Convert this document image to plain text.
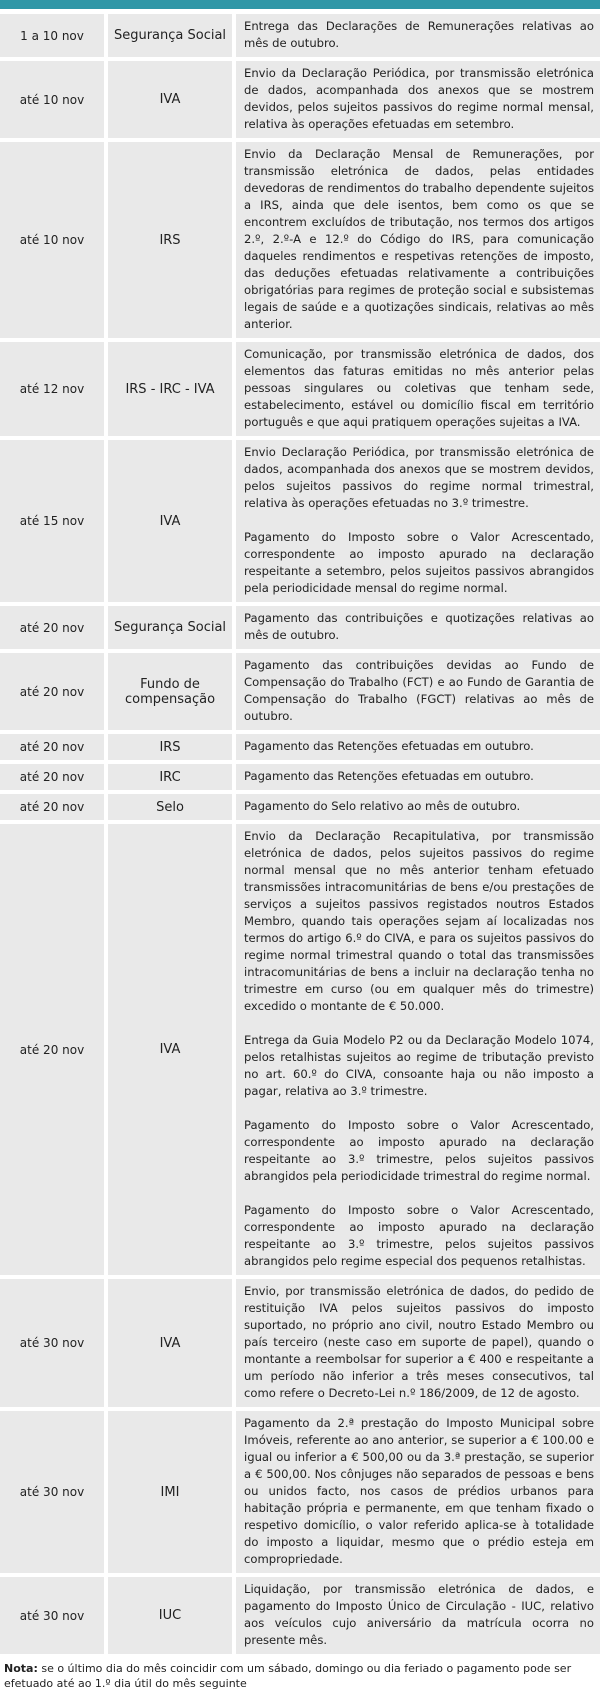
1 a 10 nov	Segurança Social	Entrega das Declarações de Remunerações relativas ao mês de outubro.

até 10 nov	IVA	Envio da Declaração Periódica, por transmissão eletrónica de dados, acompanhada dos anexos que se mostrem devidos, pelos sujeitos passivos do regime normal mensal, relativa às operações efetuadas em setembro.

até 10 nov	IRS	Envio da Declaração Mensal de Remunerações, por transmissão eletrónica de dados, pelas entidades devedoras de rendimentos do trabalho dependente sujeitos a IRS, ainda que dele isentos, bem como os que se encontrem excluídos de tributação, nos termos dos artigos 2.º, 2.º-A e 12.º do Código do IRS, para comunicação daqueles rendimentos e respetivas retenções de imposto, das deduções efetuadas relativamente a contribuições obrigatórias para regimes de proteção social e subsistemas legais de saúde e a quotizações sindicais, relativas ao mês anterior.

até 12 nov	IRS - IRC - IVA	Comunicação, por transmissão eletrónica de dados, dos elementos das faturas emitidas no mês anterior pelas pessoas singulares ou coletivas que tenham sede, estabelecimento, estável ou domicílio fiscal em território português e que aqui pratiquem operações sujeitas a IVA.

até 15 nov	IVA	Envio Declaração Periódica, por transmissão eletrónica de dados, acompanhada dos anexos que se mostrem devidos, pelos sujeitos passivos do regime normal trimestral, relativa às operações efetuadas no 3.º trimestre.

Pagamento do Imposto sobre o Valor Acrescentado, correspondente ao imposto apurado na declaração respeitante a setembro, pelos sujeitos passivos abrangidos pela periodicidade mensal do regime normal.

até 20 nov	Segurança Social	Pagamento das contribuições e quotizações relativas ao mês de outubro.

até 20 nov	Fundo de compensação	Pagamento das contribuições devidas ao Fundo de Compensação do Trabalho (FCT) e ao Fundo de Garantia de Compensação do Trabalho (FGCT) relativas ao mês de outubro.

até 20 nov	IRS	Pagamento das Retenções efetuadas em outubro.

até 20 nov	IRC	Pagamento das Retenções efetuadas em outubro.

até 20 nov	Selo	Pagamento do Selo relativo ao mês de outubro.

até 20 nov	IVA	Envio da Declaração Recapitulativa, por transmissão eletrónica de dados, pelos sujeitos passivos do regime normal mensal que no mês anterior tenham efetuado transmissões intracomunitárias de bens e/ou prestações de serviços a sujeitos passivos registados noutros Estados Membro, quando tais operações sejam aí localizadas nos termos do artigo 6.º do CIVA, e para os sujeitos passivos do regime normal trimestral quando o total das transmissões intracomunitárias de bens a incluir na declaração tenha no trimestre em curso (ou em qualquer mês do trimestre) excedido o montante de € 50.000.

Entrega da Guia Modelo P2 ou da Declaração Modelo 1074, pelos retalhistas sujeitos ao regime de tributação previsto no art. 60.º do CIVA, consoante haja ou não imposto a pagar, relativa ao 3.º trimestre.

Pagamento do Imposto sobre o Valor Acrescentado, correspondente ao imposto apurado na declaração respeitante ao 3.º trimestre, pelos sujeitos passivos abrangidos pela periodicidade trimestral do regime normal.

Pagamento do Imposto sobre o Valor Acrescentado, correspondente ao imposto apurado na declaração respeitante ao 3.º trimestre, pelos sujeitos passivos abrangidos pelo regime especial dos pequenos retalhistas.

até 30 nov	IVA	Envio, por transmissão eletrónica de dados, do pedido de restituição IVA pelos sujeitos passivos do imposto suportado, no próprio ano civil, noutro Estado Membro ou país terceiro (neste caso em suporte de papel), quando o montante a reembolsar for superior a € 400 e respeitante a um período não inferior a três meses consecutivos, tal como refere o Decreto-Lei n.º 186/2009, de 12 de agosto.

até 30 nov	IMI	Pagamento da 2.ª prestação do Imposto Municipal sobre Imóveis, referente ao ano anterior, se superior a € 100.00 e igual ou inferior a € 500,00 ou da 3.ª prestação, se superior a € 500,00. Nos cônjuges não separados de pessoas e bens ou unidos facto, nos casos de prédios urbanos para habitação própria e permanente, em que tenham fixado o respetivo domicílio, o valor referido aplica-se à totalidade do imposto a liquidar, mesmo que o prédio esteja em compropriedade.

até 30 nov	IUC	Liquidação, por transmissão eletrónica de dados, e pagamento do Imposto Único de Circulação - IUC, relativo aos veículos cujo aniversário da matrícula ocorra no presente mês.

Nota: se o último dia do mês coincidir com um sábado, domingo ou dia feriado o pagamento pode ser efetuado até ao 1.º dia útil do mês seguinte
